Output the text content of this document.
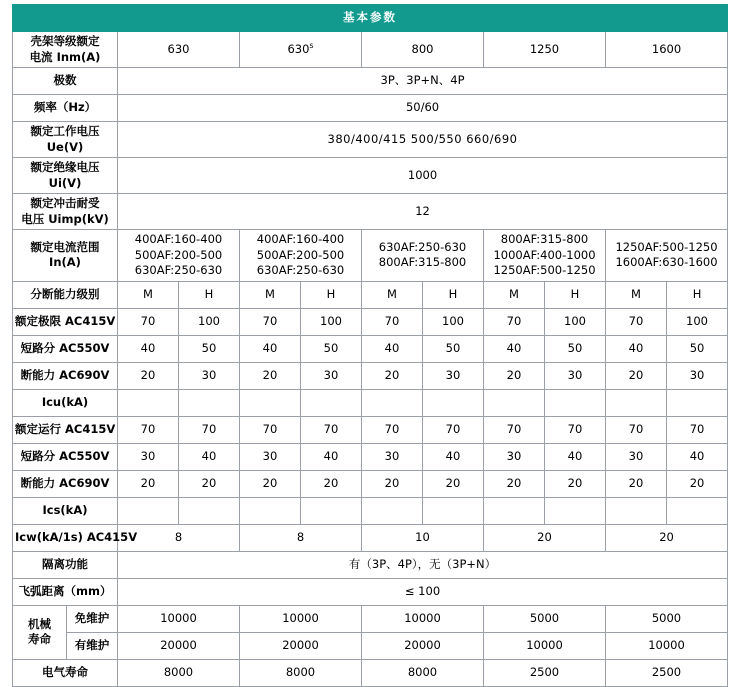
基本参数										
壳架等级额定
电流 Inm(A)	630		630$^s$		800		1250		1600	
极数	3P、3P+N、4P									
频率（Hz）	50/60									
额定工作电压
Ue(V)	380/400/415 500/550 660/690									
额定绝缘电压
Ui(V)	1000									
额定冲击耐受
电压 Uimp(kV)	12									
额定电流范围
In(A)	400AF:160-400
500AF:200-500
630AF:250-630		400AF:160-400
500AF:200-500
630AF:250-630		630AF:250-630
800AF:315-800		800AF:315-800
1000AF:400-1000
1250AF:500-1250		1250AF:500-1250
1600AF:630-1600	
分断能力级别	M	H	M	H	M	H	M	H	M	H
额定极限 AC415V	70	100	70	100	70	100	70	100	70	100
短路分 AC550V	40	50	40	50	40	50	40	50	40	50
断能力 AC690V	20	30	20	30	20	30	20	30	20	30
Icu(kA)										
额定运行 AC415V	70	70	70	70	70	70	70	70	70	70
短路分 AC550V	30	40	30	40	30	40	30	40	30	40
断能力 AC690V	20	20	20	20	20	20	20	20	20	20
Ics(kA)										
Icw(kA/1s) AC415V	8		8		10		20		20	
隔离功能	有（3P、4P），无（3P+N）									
飞弧距离（mm）	≤ 100									
机械
寿命	免维护	10000	10000	10000	5000	5000
	有维护	20000	20000	20000	10000	10000
电气寿命		8000	8000	8000	2500	2500
